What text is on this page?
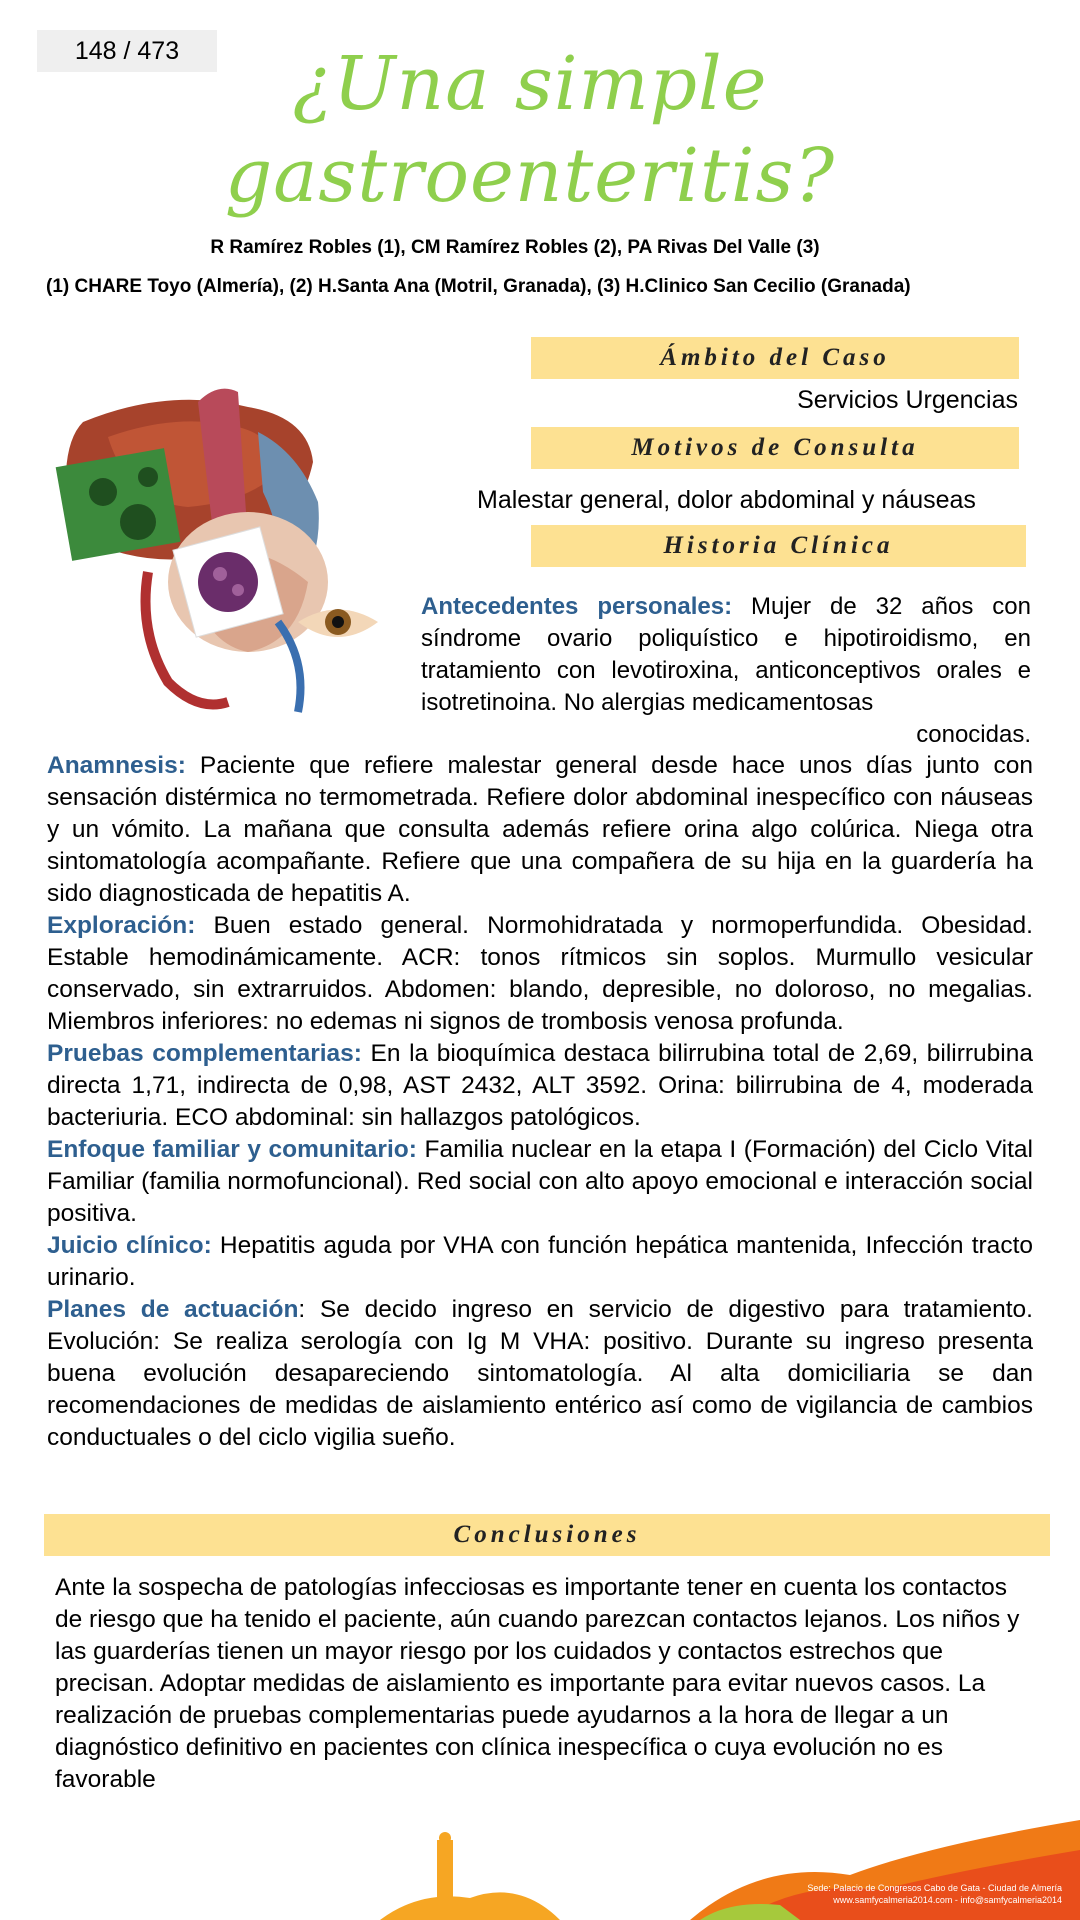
148 / 473	¿Una simple gastroenteritis?
R Ramírez Robles (1), CM Ramírez Robles (2), PA Rivas Del Valle (3)
(1) CHARE Toyo (Almería), (2) H.Santa Ana (Motril, Granada), (3) H.Clinico San Cecilio (Granada)
Ámbito del Caso
Servicios Urgencias
Motivos de Consulta
Malestar general, dolor abdominal y náuseas
Historia Clínica
Antecedentes personales: Mujer de 32 años con síndrome ovario poliquístico e hipotiroidismo, en tratamiento con levotiroxina, anticonceptivos orales e isotretinoina. No alergias medicamentosas
conocidas.

Anamnesis: Paciente que refiere malestar general desde hace unos días junto con sensación distérmica no termometrada. Refiere dolor abdominal inespecífico con náuseas y un vómito. La mañana que consulta además refiere orina algo colúrica. Niega otra sintomatología acompañante. Refiere que una compañera de su hija en la guardería ha sido diagnosticada de hepatitis A.

Exploración: Buen estado general. Normohidratada y normoperfundida. Obesidad. Estable hemodinámicamente. ACR: tonos rítmicos sin soplos. Murmullo vesicular conservado, sin extrarruidos. Abdomen: blando, depresible, no doloroso, no megalias. Miembros inferiores: no edemas ni signos de trombosis venosa profunda.

Pruebas complementarias: En la bioquímica destaca bilirrubina total de 2,69, bilirrubina directa 1,71, indirecta de 0,98, AST 2432, ALT 3592. Orina: bilirrubina de 4, moderada bacteriuria. ECO abdominal: sin hallazgos patológicos.

Enfoque familiar y comunitario: Familia nuclear en la etapa I (Formación) del Ciclo Vital Familiar (familia normofuncional). Red social con alto apoyo emocional e interacción social positiva.

Juicio clínico: Hepatitis aguda por VHA con función hepática mantenida, Infección tracto urinario.

Planes de actuación: Se decido ingreso en servicio de digestivo para tratamiento. Evolución: Se realiza serología con Ig M VHA: positivo. Durante su ingreso presenta buena evolución desapareciendo sintomatología. Al alta domiciliaria se dan recomendaciones de medidas de aislamiento entérico así como de vigilancia de cambios conductuales o del ciclo vigilia sueño.

Conclusiones
Ante la sospecha de patologías infecciosas es importante tener en cuenta los contactos de riesgo que ha tenido el paciente, aún cuando parezcan contactos lejanos. Los niños y las guarderías tienen un mayor riesgo por los cuidados y contactos estrechos que precisan. Adoptar medidas de aislamiento es importante para evitar nuevos casos. La realización de pruebas complementarias puede ayudarnos a la hora de llegar a un diagnóstico definitivo en pacientes con clínica inespecífica o cuya evolución no es favorable
Sede: Palacio de Congresos Cabo de Gata - Ciudad de Almería
www.samfycalmeria2014.com - info@samfycalmeria2014
